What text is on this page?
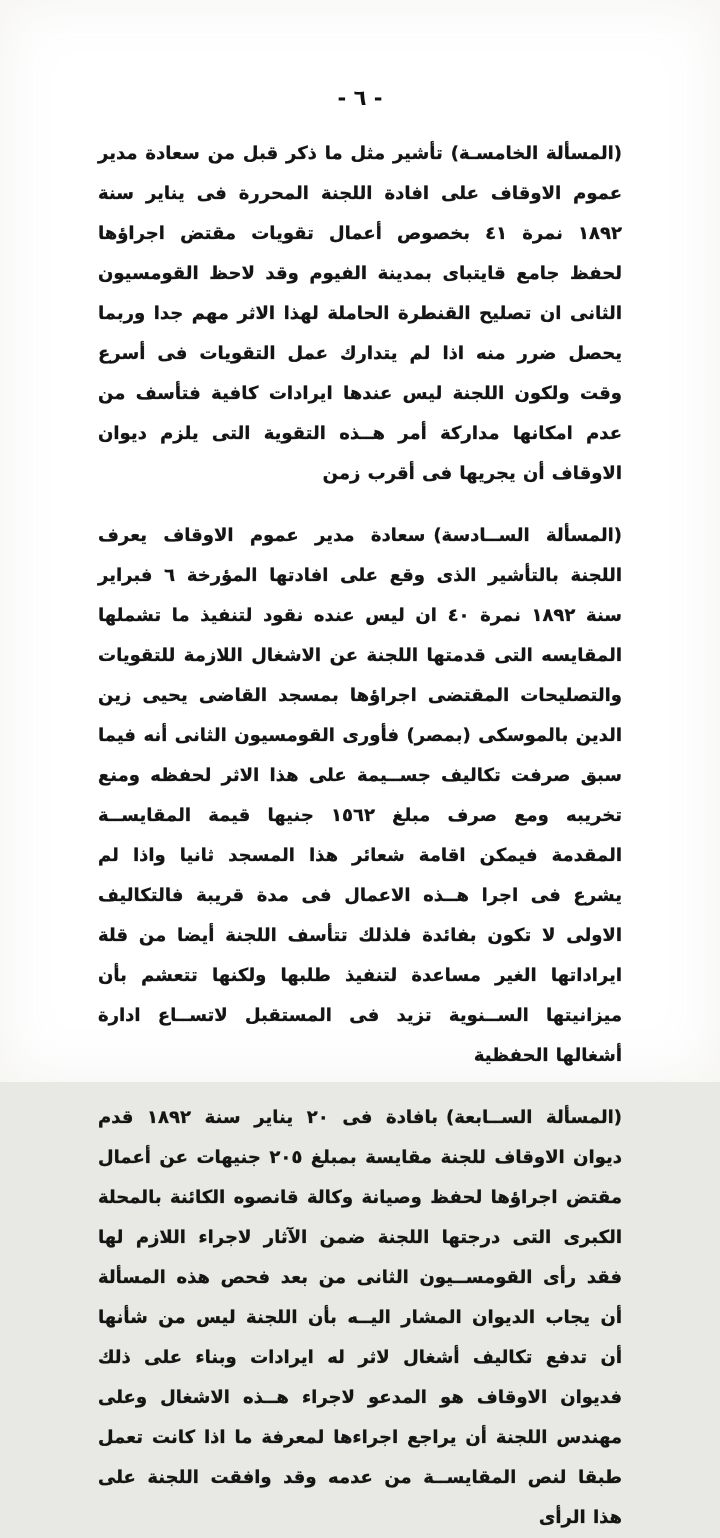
- ٦ -

(المسألة الخامسـة)تأشير مثل ما ذكر قبل من سعادة مدير عموم الاوقاف على افادة اللجنة المحررة فى يناير سنة ١٨٩٢ نمرة ٤١ بخصوص أعمال تقويات مقتض اجراؤها لحفظ جامع قايتباى بمدينة الفيوم وقد لاحظ القومسيون الثانى ان تصليح القنطرة الحاملة لهذا الاثر مهم جدا وربما يحصل ضرر منه اذا لم يتدارك عمل التقويات فى أسرع وقت ولكون اللجنة ليس عندها ايرادات كافية فتأسف من عدم امكانها مداركة أمر هــذه التقوية التى يلزم ديوان الاوقاف أن يجريها فى أقرب زمن

(المسألة الســادسة)سعادة مدير عموم الاوقاف يعرف اللجنة بالتأشير الذى وقع على افادتها المؤرخة ٦ فبراير سنة ١٨٩٢ نمرة ٤٠ ان ليس عنده نقود لتنفيذ ما تشملها المقايسه التى قدمتها اللجنة عن الاشغال اللازمة للتقويات والتصليحات المقتضى اجراؤها بمسجد القاضى يحيى زين الدين بالموسكى (بمصر) فأورى القومسيون الثانى أنه فيما سبق صرفت تكاليف جســيمة على هذا الاثر لحفظه ومنع تخريبه ومع صرف مبلغ ١٥٦٢ جنيها قيمة المقايســة المقدمة فيمكن اقامة شعائر هذا المسجد ثانيا واذا لم يشرع فى اجرا هــذه الاعمال فى مدة قريبة فالتكاليف الاولى لا تكون بفائدة فلذلك تتأسف اللجنة أيضا من قلة ايراداتها الغير مساعدة لتنفيذ طلبها ولكنها تتعشم بأن ميزانيتها الســنوية تزيد فى المستقبل لاتســاع ادارة أشغالها الحفظية

(المسألة الســابعة)بافادة فى ٢٠ يناير سنة ١٨٩٢ قدم ديوان الاوقاف للجنة مقايسة بمبلغ ٢٠٥ جنيهات عن أعمال مقتض اجراؤها لحفظ وصيانة وكالة قانصوه الكائنة بالمحلة الكبرى التى درجتها اللجنة ضمن الآثار لاجراء اللازم لها فقد رأى القومســيون الثانى من بعد فحص هذه المسألة أن يجاب الديوان المشار اليــه بأن اللجنة ليس من شأنها أن تدفع تكاليف أشغال لاثر له ايرادات وبناء على ذلك فديوان الاوقاف هو المدعو لاجراء هــذه الاشغال وعلى مهندس اللجنة أن يراجع اجراءها لمعرفة ما اذا كانت تعمل طبقا لنص المقايســة من عدمه وقد وافقت اللجنة على هذا الرأى
